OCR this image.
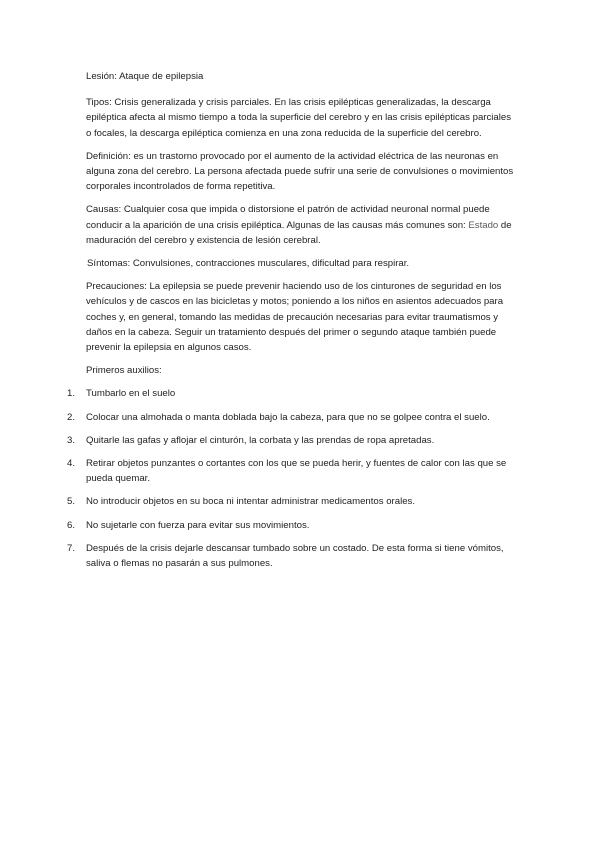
Lesión: Ataque de epilepsia

Tipos: Crisis generalizada y crisis parciales. En las crisis epilépticas generalizadas, la descarga epiléptica afecta al mismo tiempo a toda la superficie del cerebro y en las crisis epilépticas parciales o focales, la descarga epiléptica comienza en una zona reducida de la superficie del cerebro.

Definición: es un trastorno provocado por el aumento de la actividad eléctrica de las neuronas en alguna zona del cerebro. La persona afectada puede sufrir una serie de convulsiones o movimientos corporales incontrolados de forma repetitiva.

Causas: Cualquier cosa que impida o distorsione el patrón de actividad neuronal normal puede conducir a la aparición de una crisis epiléptica. Algunas de las causas más comunes son: Estado de maduración del cerebro y existencia de lesión cerebral.

Síntomas: Convulsiones, contracciones musculares, dificultad para respirar.

Precauciones: La epilepsia se puede prevenir haciendo uso de los cinturones de seguridad en los vehículos y de cascos en las bicicletas y motos; poniendo a los niños en asientos adecuados para coches y, en general, tomando las medidas de precaución necesarias para evitar traumatismos y daños en la cabeza. Seguir un tratamiento después del primer o segundo ataque también puede prevenir la epilepsia en algunos casos.

Primeros auxilios:

1. Tumbarlo en el suelo
2. Colocar una almohada o manta doblada bajo la cabeza, para que no se golpee contra el suelo.
3. Quitarle las gafas y aflojar el cinturón, la corbata y las prendas de ropa apretadas.
4. Retirar objetos punzantes o cortantes con los que se pueda herir, y fuentes de calor con las que se pueda quemar.
5. No introducir objetos en su boca ni intentar administrar medicamentos orales.
6. No sujetarle con fuerza para evitar sus movimientos.
7. Después de la crisis dejarle descansar tumbado sobre un costado. De esta forma si tiene vómitos, saliva o flemas no pasarán a sus pulmones.
